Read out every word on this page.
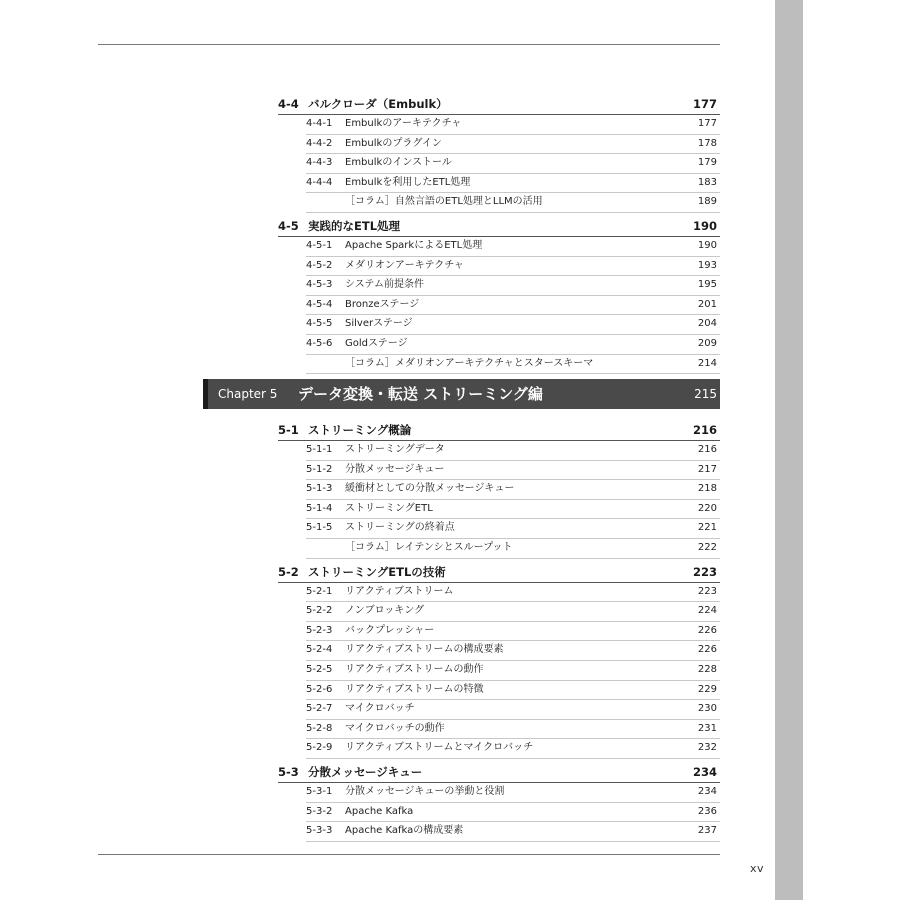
4-4 バルクローダ（Embulk）	177
4-4-1 Embulkのアーキテクチャ	177
4-4-2 Embulkのプラグイン	178
4-4-3 Embulkのインストール	179
4-4-4 Embulkを利用したETL処理	183
［コラム］自然言語のETL処理とLLMの活用	189
4-5 実践的なETL処理	190
4-5-1 Apache SparkによるETL処理	190
4-5-2 メダリオンアーキテクチャ	193
4-5-3 システム前提条件	195
4-5-4 Bronzeステージ	201
4-5-5 Silverステージ	204
4-5-6 Goldステージ	209
［コラム］メダリオンアーキテクチャとスタースキーマ	214
Chapter 5 データ変換・転送 ストリーミング編	215
5-1 ストリーミング概論	216
5-1-1 ストリーミングデータ	216
5-1-2 分散メッセージキュー	217
5-1-3 緩衝材としての分散メッセージキュー	218
5-1-4 ストリーミングETL	220
5-1-5 ストリーミングの終着点	221
［コラム］レイテンシとスループット	222
5-2 ストリーミングETLの技術	223
5-2-1 リアクティブストリーム	223
5-2-2 ノンブロッキング	224
5-2-3 バックプレッシャー	226
5-2-4 リアクティブストリームの構成要素	226
5-2-5 リアクティブストリームの動作	228
5-2-6 リアクティブストリームの特徴	229
5-2-7 マイクロバッチ	230
5-2-8 マイクロバッチの動作	231
5-2-9 リアクティブストリームとマイクロバッチ	232
5-3 分散メッセージキュー	234
5-3-1 分散メッセージキューの挙動と役割	234
5-3-2 Apache Kafka	236
5-3-3 Apache Kafkaの構成要素	237
xv
